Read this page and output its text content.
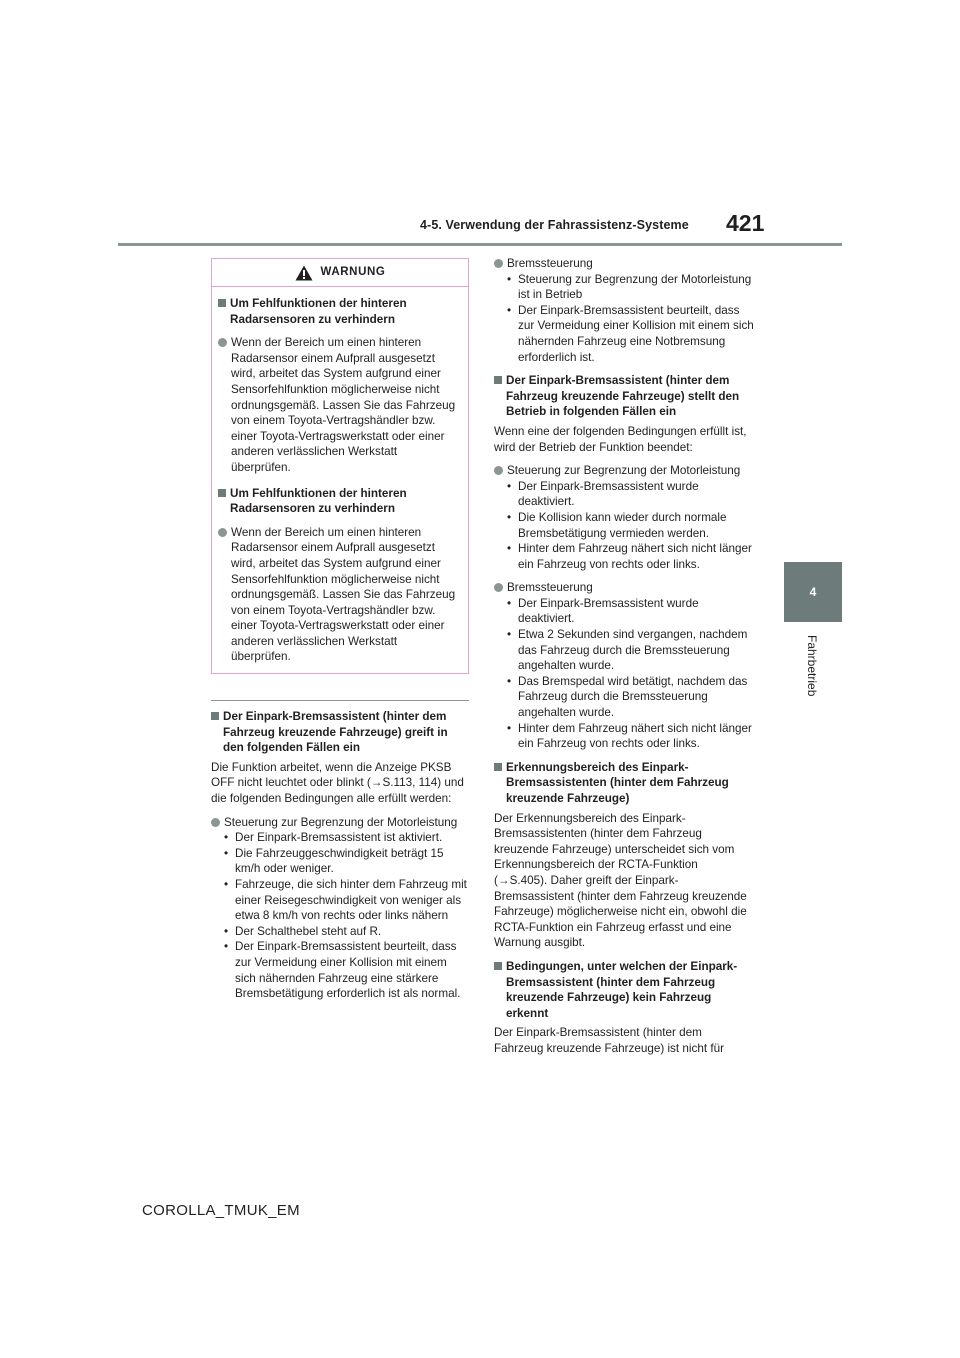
4-5. Verwendung der Fahrassistenz-Systeme 421
4
Fahrbetrieb
WARNUNG
Um Fehlfunktionen der hinteren Radarsensoren zu verhindern
Wenn der Bereich um einen hinteren Radarsensor einem Aufprall ausgesetzt wird, arbeitet das System aufgrund einer Sensorfehlfunktion möglicherweise nicht ordnungsgemäß. Lassen Sie das Fahrzeug von einem Toyota-Vertragshändler bzw. einer Toyota-Vertragswerkstatt oder einer anderen verlässlichen Werkstatt überprüfen.
Um Fehlfunktionen der hinteren Radarsensoren zu verhindern
Wenn der Bereich um einen hinteren Radarsensor einem Aufprall ausgesetzt wird, arbeitet das System aufgrund einer Sensorfehlfunktion möglicherweise nicht ordnungsgemäß. Lassen Sie das Fahrzeug von einem Toyota-Vertragshändler bzw. einer Toyota-Vertragswerkstatt oder einer anderen verlässlichen Werkstatt überprüfen.
Der Einpark-Bremsassistent (hinter dem Fahrzeug kreuzende Fahrzeuge) greift in den folgenden Fällen ein
Die Funktion arbeitet, wenn die Anzeige PKSB OFF nicht leuchtet oder blinkt (→S.113, 114) und die folgenden Bedingungen alle erfüllt werden:
Steuerung zur Begrenzung der Motorleistung
• Der Einpark-Bremsassistent ist aktiviert.
• Die Fahrzeuggeschwindigkeit beträgt 15 km/h oder weniger.
• Fahrzeuge, die sich hinter dem Fahrzeug mit einer Reisegeschwindigkeit von weniger als etwa 8 km/h von rechts oder links nähern
• Der Schalthebel steht auf R.
• Der Einpark-Bremsassistent beurteilt, dass zur Vermeidung einer Kollision mit einem sich nähernden Fahrzeug eine stärkere Bremsbetätigung erforderlich ist als normal.
Bremssteuerung
• Steuerung zur Begrenzung der Motorleistung ist in Betrieb
• Der Einpark-Bremsassistent beurteilt, dass zur Vermeidung einer Kollision mit einem sich nähernden Fahrzeug eine Notbremsung erforderlich ist.
Der Einpark-Bremsassistent (hinter dem Fahrzeug kreuzende Fahrzeuge) stellt den Betrieb in folgenden Fällen ein
Wenn eine der folgenden Bedingungen erfüllt ist, wird der Betrieb der Funktion beendet:
Steuerung zur Begrenzung der Motorleistung
• Der Einpark-Bremsassistent wurde deaktiviert.
• Die Kollision kann wieder durch normale Bremsbetätigung vermieden werden.
• Hinter dem Fahrzeug nähert sich nicht länger ein Fahrzeug von rechts oder links.
Bremssteuerung
• Der Einpark-Bremsassistent wurde deaktiviert.
• Etwa 2 Sekunden sind vergangen, nachdem das Fahrzeug durch die Bremssteuerung angehalten wurde.
• Das Bremspedal wird betätigt, nachdem das Fahrzeug durch die Bremssteuerung angehalten wurde.
• Hinter dem Fahrzeug nähert sich nicht länger ein Fahrzeug von rechts oder links.
Erkennungsbereich des Einpark-Bremsassistenten (hinter dem Fahrzeug kreuzende Fahrzeuge)
Der Erkennungsbereich des Einpark-Bremsassistenten (hinter dem Fahrzeug kreuzende Fahrzeuge) unterscheidet sich vom Erkennungsbereich der RCTA-Funktion (→S.405). Daher greift der Einpark-Bremsassistent (hinter dem Fahrzeug kreuzende Fahrzeuge) möglicherweise nicht ein, obwohl die RCTA-Funktion ein Fahrzeug erfasst und eine Warnung ausgibt.
Bedingungen, unter welchen der Einpark-Bremsassistent (hinter dem Fahrzeug kreuzende Fahrzeuge) kein Fahrzeug erkennt
Der Einpark-Bremsassistent (hinter dem Fahrzeug kreuzende Fahrzeuge) ist nicht für
COROLLA_TMUK_EM
